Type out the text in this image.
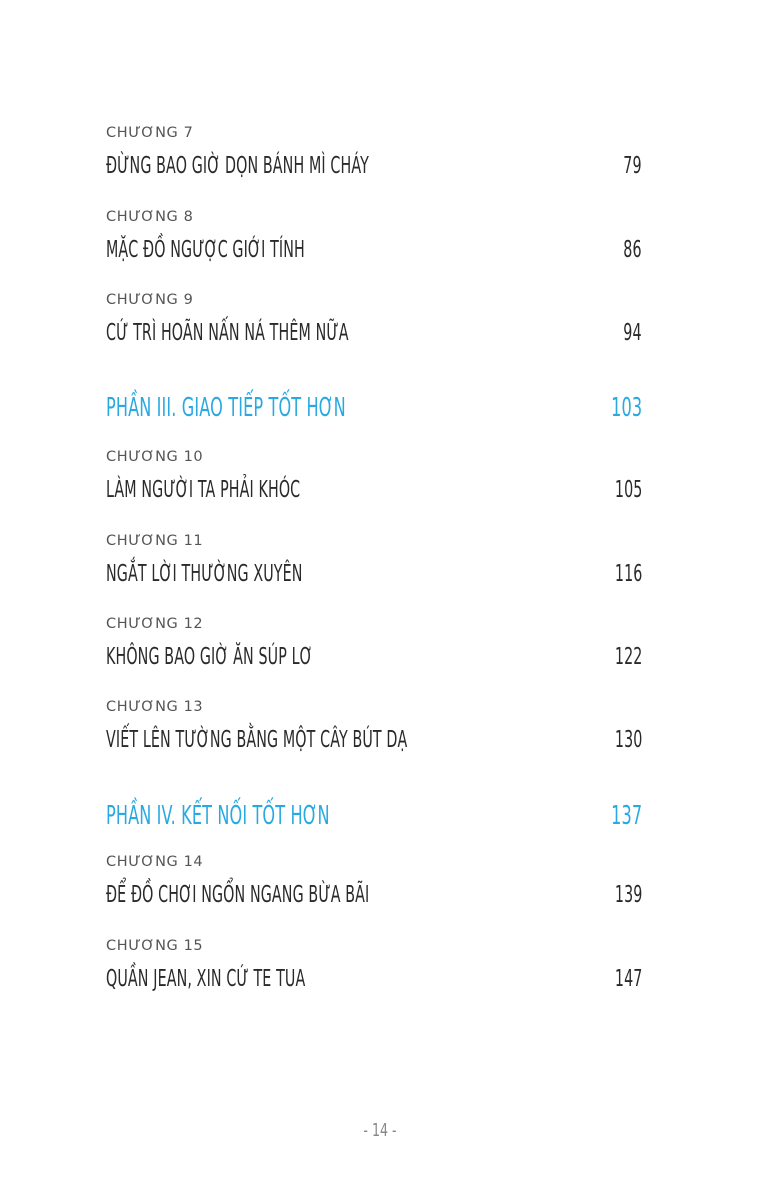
CHƯƠNG 7
ĐỪNG BAO GIỜ DỌN BÁNH MÌ CHÁY	79
CHƯƠNG 8
MẶC ĐỒ NGƯỢC GIỚI TÍNH	86
CHƯƠNG 9
CỨ TRÌ HOÃN NẤN NÁ THÊM NỮA	94
PHẦN III. GIAO TIẾP TỐT HƠN	103
CHƯƠNG 10
LÀM NGƯỜI TA PHẢI KHÓC	105
CHƯƠNG 11
NGẮT LỜI THƯỜNG XUYÊN	116
CHƯƠNG 12
KHÔNG BAO GIỜ ĂN SÚP LƠ	122
CHƯƠNG 13
VIẾT LÊN TƯỜNG BẰNG MỘT CÂY BÚT DẠ	130
PHẦN IV. KẾT NỐI TỐT HƠN	137
CHƯƠNG 14
ĐỂ ĐỒ CHƠI NGỔN NGANG BỪA BÃI	139
CHƯƠNG 15
QUẦN JEAN, XIN CỨ TE TUA	147
- 14 -
